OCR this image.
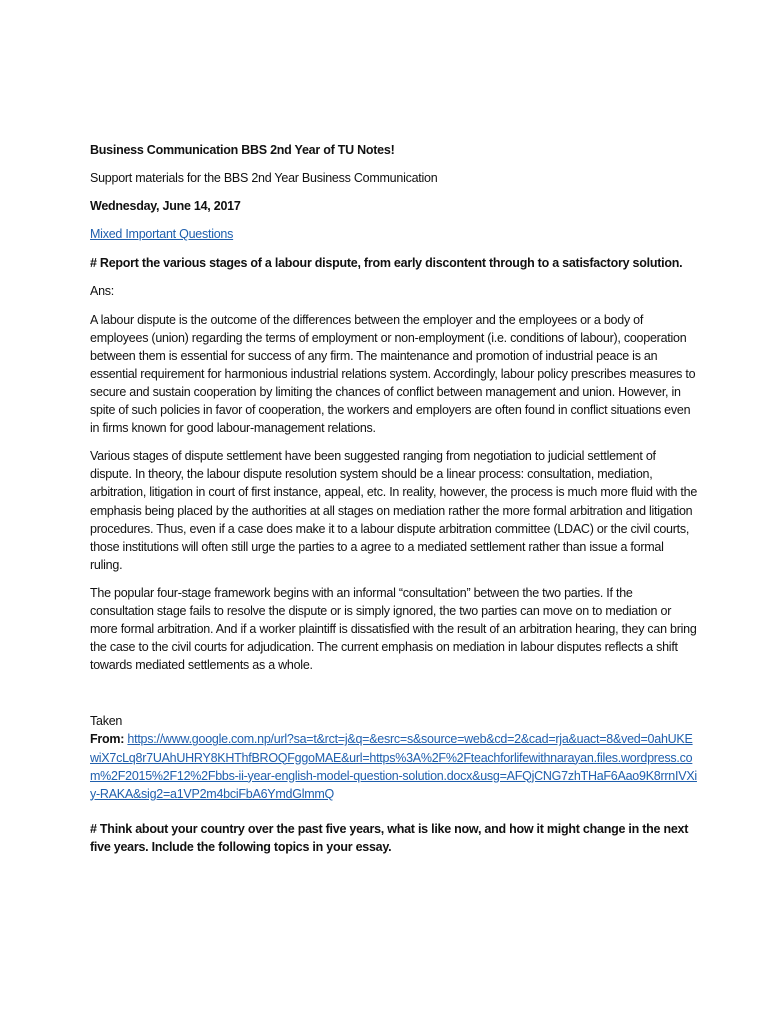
Business Communication BBS 2nd Year of TU Notes!

Support materials for the BBS 2nd Year Business Communication

Wednesday, June 14, 2017

Mixed Important Questions

# Report the various stages of a labour dispute, from early discontent through to a satisfactory solution.

Ans:

A labour dispute is the outcome of the differences between the employer and the employees or a body of employees (union) regarding the terms of employment or non-employment (i.e. conditions of labour), cooperation between them is essential for success of any firm. The maintenance and promotion of industrial peace is an essential requirement for harmonious industrial relations system. Accordingly, labour policy prescribes measures to secure and sustain cooperation by limiting the chances of conflict between management and union. However, in spite of such policies in favor of cooperation, the workers and employers are often found in conflict situations even in firms known for good labour-management relations.

Various stages of dispute settlement have been suggested ranging from negotiation to judicial settlement of dispute. In theory, the labour dispute resolution system should be a linear process: consultation, mediation, arbitration, litigation in court of first instance, appeal, etc. In reality, however, the process is much more fluid with the emphasis being placed by the authorities at all stages on mediation rather the more formal arbitration and litigation procedures. Thus, even if a case does make it to a labour dispute arbitration committee (LDAC) or the civil courts, those institutions will often still urge the parties to a agree to a mediated settlement rather than issue a formal ruling.

The popular four-stage framework begins with an informal “consultation” between the two parties. If the consultation stage fails to resolve the dispute or is simply ignored, the two parties can move on to mediation or more formal arbitration. And if a worker plaintiff is dissatisfied with the result of an arbitration hearing, they can bring the case to the civil courts for adjudication. The current emphasis on mediation in labour disputes reflects a shift towards mediated settlements as a whole.

Taken

From: https://www.google.com.np/url?sa=t&rct=j&q=&esrc=s&source=web&cd=2&cad=rja&uact=8&ved=0ahUKEwiX7cLq8r7UAhUHRY8KHThfBROQFggoMAE&url=https%3A%2F%2Fteachforlifewithnarayan.files.wordpress.com%2F2015%2F12%2Fbbs-ii-year-english-model-question-solution.docx&usg=AFQjCNG7zhTHaF6Aao9K8rrnIVXiy-RAKA&sig2=a1VP2m4bciFbA6YmdGlmmQ

# Think about your country over the past five years, what is like now, and how it might change in the next five years. Include the following topics in your essay.
